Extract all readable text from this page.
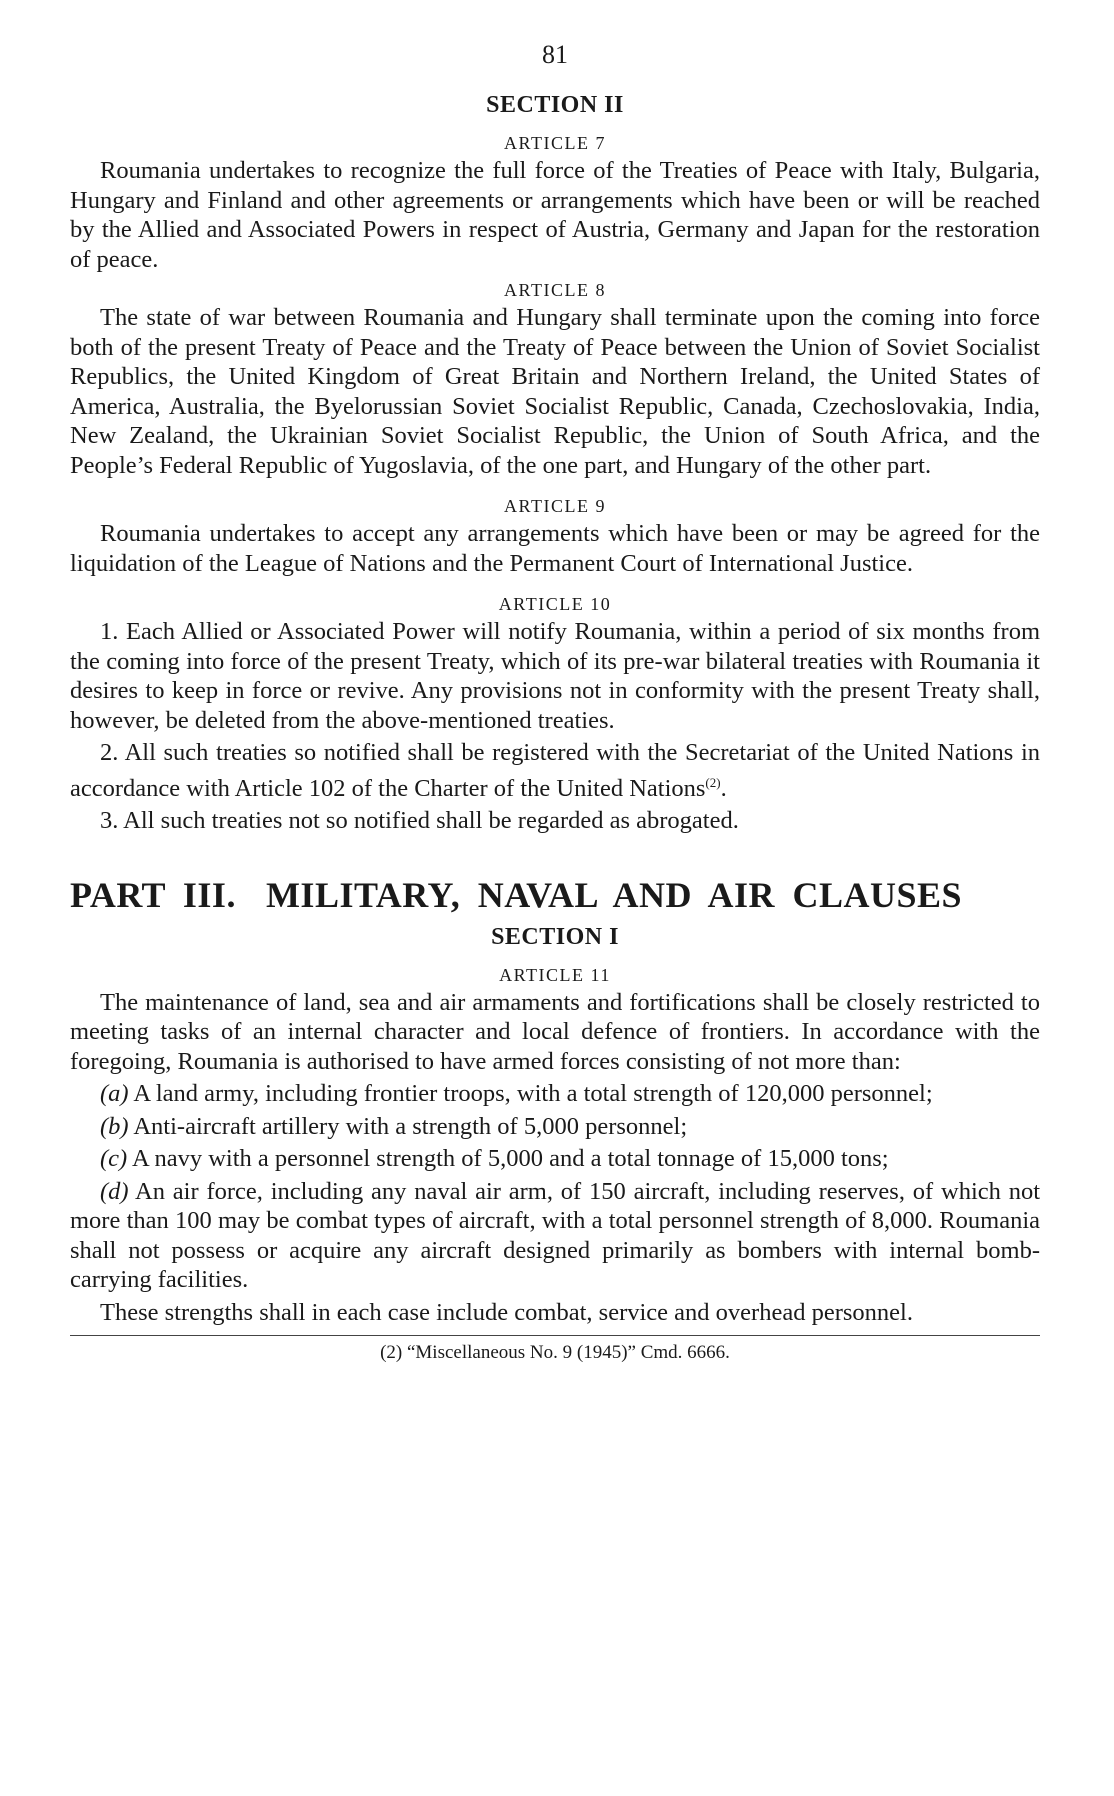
81
SECTION II
ARTICLE 7

Roumania undertakes to recognize the full force of the Treaties of Peace with Italy, Bulgaria, Hungary and Finland and other agreements or arrangements which have been or will be reached by the Allied and Associated Powers in respect of Austria, Germany and Japan for the restoration of peace.

ARTICLE 8

The state of war between Roumania and Hungary shall terminate upon the coming into force both of the present Treaty of Peace and the Treaty of Peace between the Union of Soviet Socialist Republics, the United Kingdom of Great Britain and Northern Ireland, the United States of America, Australia, the Byelorussian Soviet Socialist Republic, Canada, Czechoslovakia, India, New Zealand, the Ukrainian Soviet Socialist Republic, the Union of South Africa, and the People’s Federal Republic of Yugoslavia, of the one part, and Hungary of the other part.

ARTICLE 9

Roumania undertakes to accept any arrangements which have been or may be agreed for the liquidation of the League of Nations and the Permanent Court of International Justice.

ARTICLE 10

1. Each Allied or Associated Power will notify Roumania, within a period of six months from the coming into force of the present Treaty, which of its pre-war bilateral treaties with Roumania it desires to keep in force or revive. Any provisions not in conformity with the present Treaty shall, however, be deleted from the above-mentioned treaties.

2. All such treaties so notified shall be registered with the Secretariat of the United Nations in accordance with Article 102 of the Charter of the United Nations$^{(2)}$.

3. All such treaties not so notified shall be regarded as abrogated.

PART III. MILITARY, NAVAL AND AIR CLAUSES
SECTION I
ARTICLE 11

The maintenance of land, sea and air armaments and fortifications shall be closely restricted to meeting tasks of an internal character and local defence of frontiers. In accordance with the foregoing, Roumania is authorised to have armed forces consisting of not more than:

(a) A land army, including frontier troops, with a total strength of 120,000 personnel;

(b) Anti-aircraft artillery with a strength of 5,000 personnel;

(c) A navy with a personnel strength of 5,000 and a total tonnage of 15,000 tons;

(d) An air force, including any naval air arm, of 150 aircraft, including reserves, of which not more than 100 may be combat types of aircraft, with a total personnel strength of 8,000. Roumania shall not possess or acquire any aircraft designed primarily as bombers with internal bomb-carrying facilities.

These strengths shall in each case include combat, service and overhead personnel.

(2) “Miscellaneous No. 9 (1945)” Cmd. 6666.
